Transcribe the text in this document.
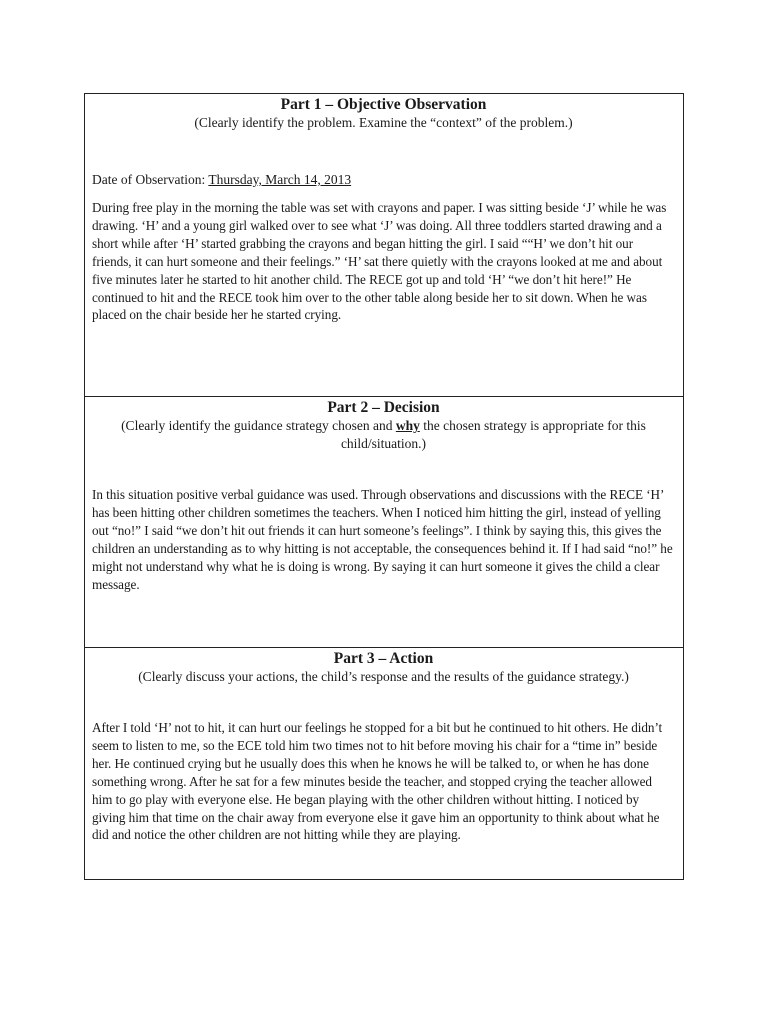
Part 1 – Objective Observation

(Clearly identify the problem. Examine the “context” of the problem.)

Date of Observation: Thursday, March 14, 2013

During free play in the morning the table was set with crayons and paper. I was sitting beside ‘J’ while he was drawing. ‘H’ and a young girl walked over to see what ‘J’ was doing. All three toddlers started drawing and a short while after ‘H’ started grabbing the crayons and began hitting the girl. I said ““H’ we don’t hit our friends, it can hurt someone and their feelings.” ‘H’ sat there quietly with the crayons looked at me and about five minutes later he started to hit another child. The RECE got up and told ‘H’ “we don’t hit here!” He continued to hit and the RECE took him over to the other table along beside her to sit down. When he was placed on the chair beside her he started crying.

Part 2 – Decision

(Clearly identify the guidance strategy chosen and why the chosen strategy is appropriate for this child/situation.)

In this situation positive verbal guidance was used. Through observations and discussions with the RECE ‘H’ has been hitting other children sometimes the teachers. When I noticed him hitting the girl, instead of yelling out “no!” I said “we don’t hit out friends it can hurt someone’s feelings”. I think by saying this, this gives the children an understanding as to why hitting is not acceptable, the consequences behind it. If I had said “no!” he might not understand why what he is doing is wrong. By saying it can hurt someone it gives the child a clear message.

Part 3 – Action

(Clearly discuss your actions, the child’s response and the results of the guidance strategy.)

After I told ‘H’ not to hit, it can hurt our feelings he stopped for a bit but he continued to hit others. He didn’t seem to listen to me, so the ECE told him two times not to hit before moving his chair for a “time in” beside her. He continued crying but he usually does this when he knows he will be talked to, or when he has done something wrong. After he sat for a few minutes beside the teacher, and stopped crying the teacher allowed him to go play with everyone else. He began playing with the other children without hitting. I noticed by giving him that time on the chair away from everyone else it gave him an opportunity to think about what he did and notice the other children are not hitting while they are playing.
